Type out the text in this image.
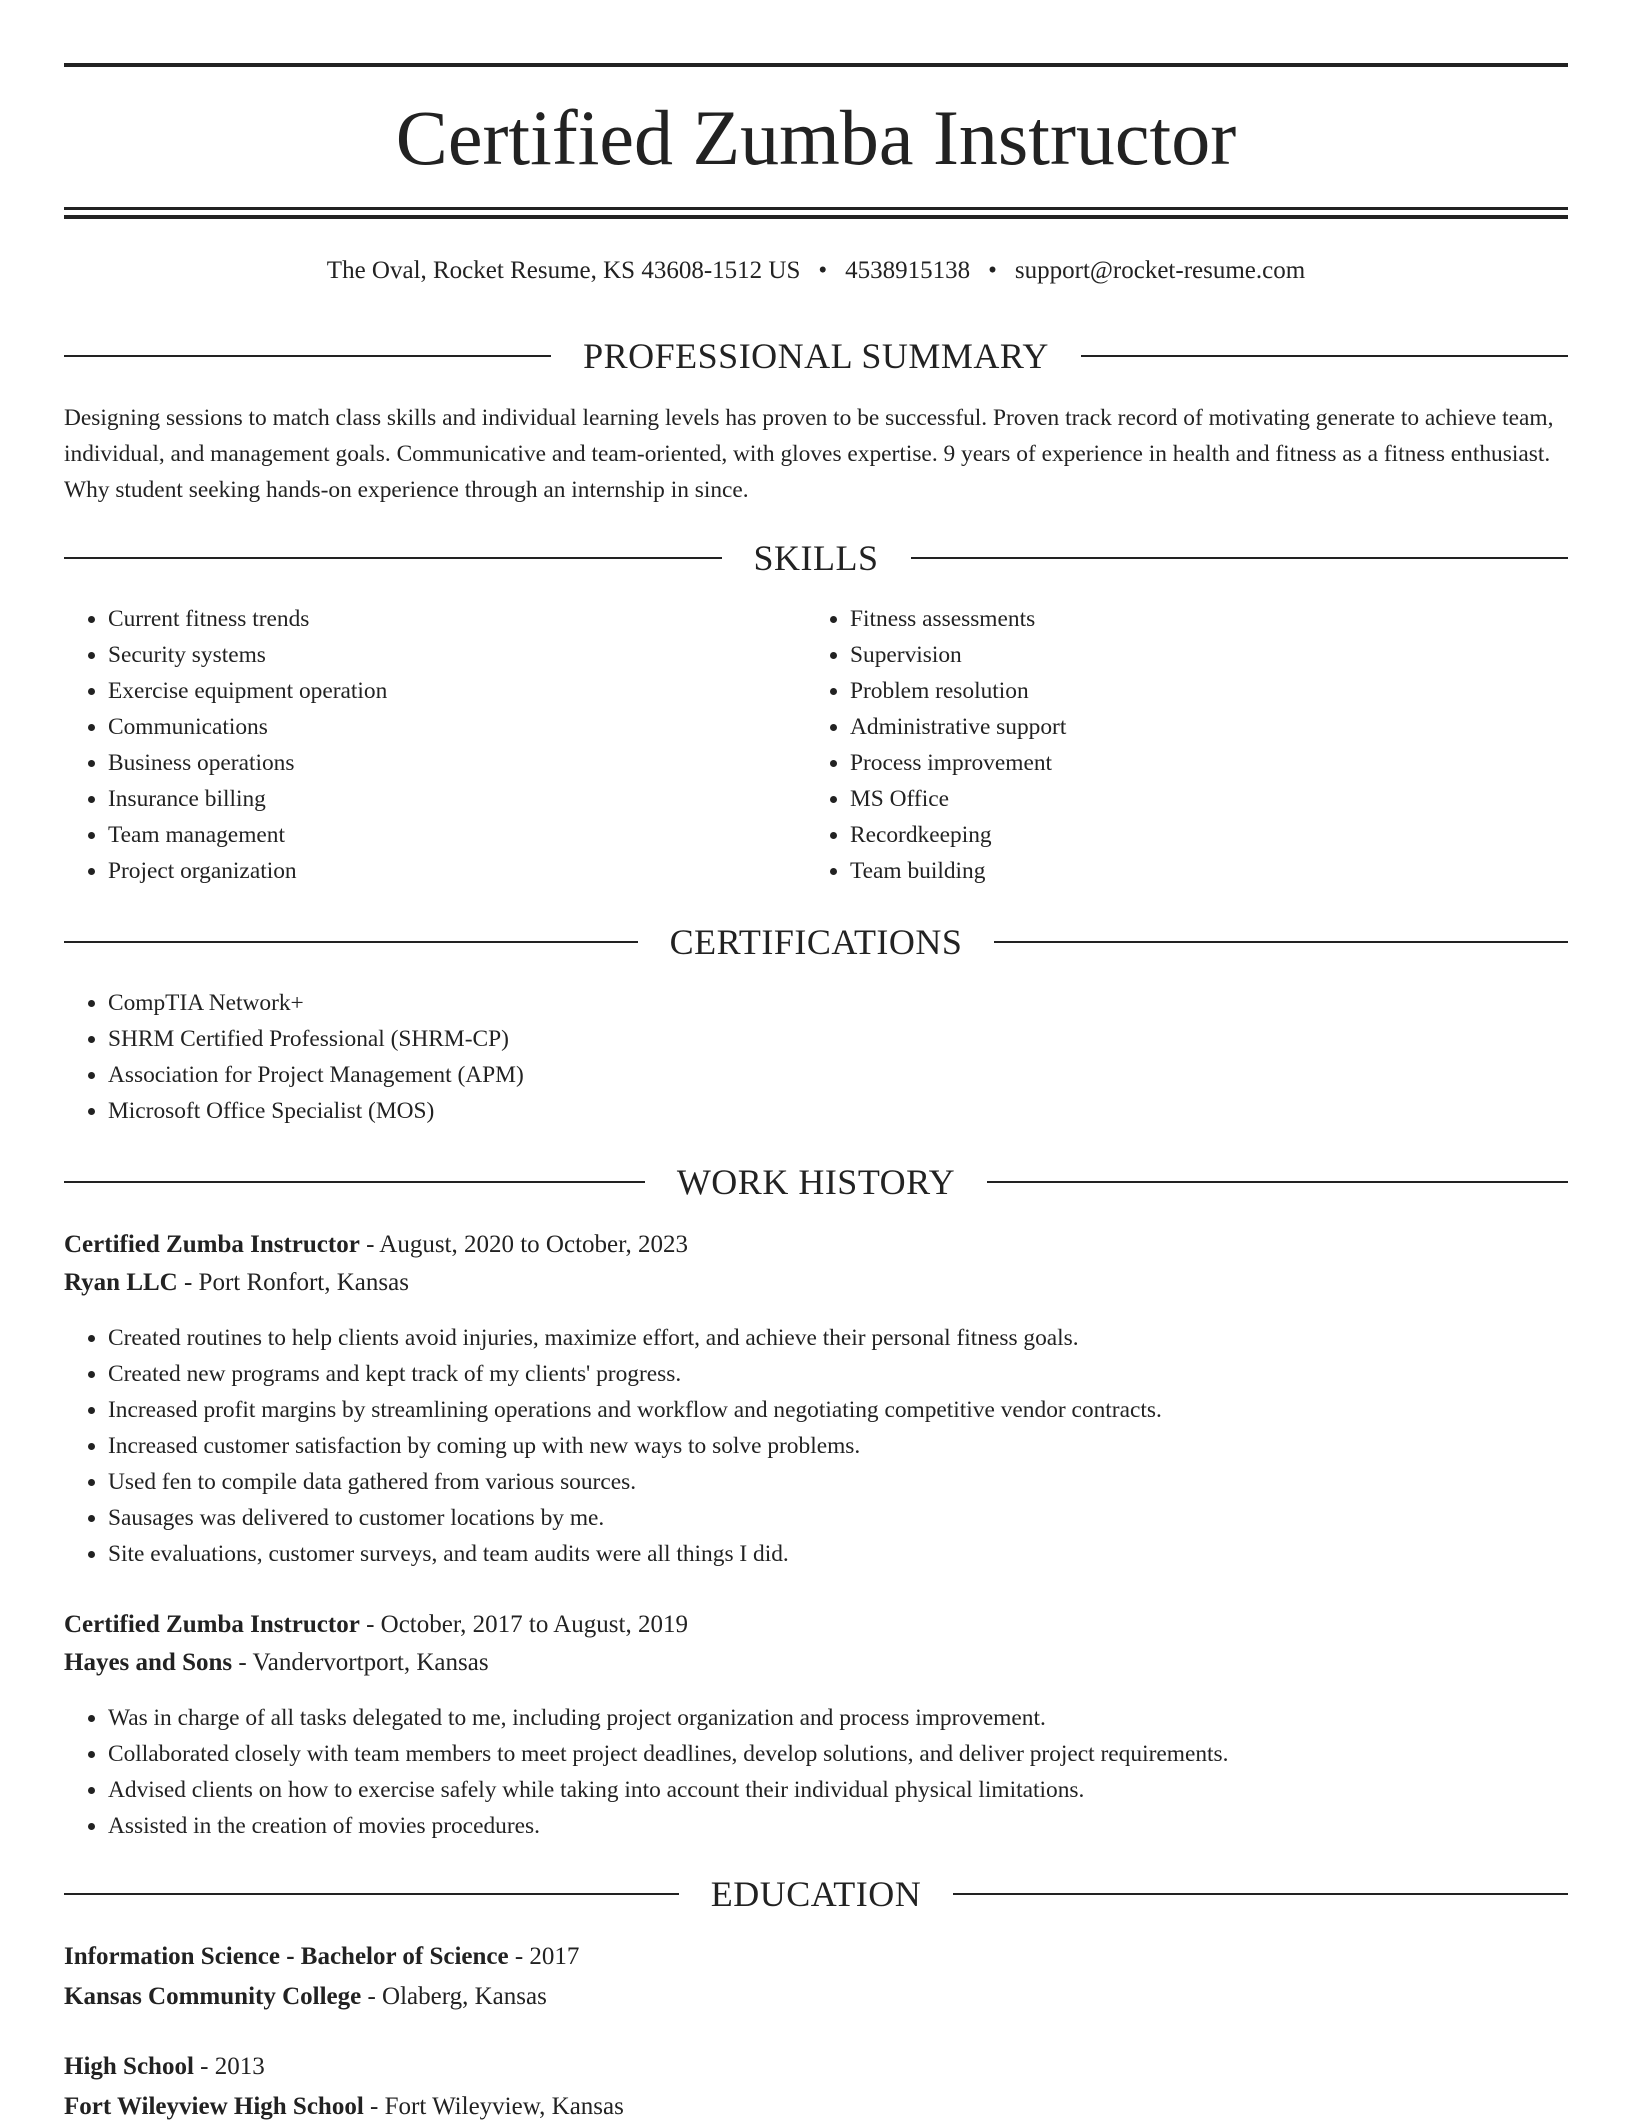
Certified Zumba Instructor
The Oval, Rocket Resume, KS 43608-1512 US • 4538915138 • support@rocket-resume.com
PROFESSIONAL SUMMARY

Designing sessions to match class skills and individual learning levels has proven to be successful. Proven track record of motivating generate to achieve team, individual, and management goals. Communicative and team-oriented, with gloves expertise. 9 years of experience in health and fitness as a fitness enthusiast. Why student seeking hands-on experience through an internship in since.

SKILLS
• Current fitness trends
• Security systems
• Exercise equipment operation
• Communications
• Business operations
• Insurance billing
• Team management
• Project organization
• Fitness assessments
• Supervision
• Problem resolution
• Administrative support
• Process improvement
• MS Office
• Recordkeeping
• Team building
CERTIFICATIONS
• CompTIA Network+
• SHRM Certified Professional (SHRM-CP)
• Association for Project Management (APM)
• Microsoft Office Specialist (MOS)
WORK HISTORY
Certified Zumba Instructor - August, 2020 to October, 2023
Ryan LLC - Port Ronfort, Kansas
• Created routines to help clients avoid injuries, maximize effort, and achieve their personal fitness goals.
• Created new programs and kept track of my clients' progress.
• Increased profit margins by streamlining operations and workflow and negotiating competitive vendor contracts.
• Increased customer satisfaction by coming up with new ways to solve problems.
• Used fen to compile data gathered from various sources.
• Sausages was delivered to customer locations by me.
• Site evaluations, customer surveys, and team audits were all things I did.
Certified Zumba Instructor - October, 2017 to August, 2019
Hayes and Sons - Vandervortport, Kansas
• Was in charge of all tasks delegated to me, including project organization and process improvement.
• Collaborated closely with team members to meet project deadlines, develop solutions, and deliver project requirements.
• Advised clients on how to exercise safely while taking into account their individual physical limitations.
• Assisted in the creation of movies procedures.
EDUCATION
Information Science - Bachelor of Science - 2017
Kansas Community College - Olaberg, Kansas
High School - 2013
Fort Wileyview High School - Fort Wileyview, Kansas
